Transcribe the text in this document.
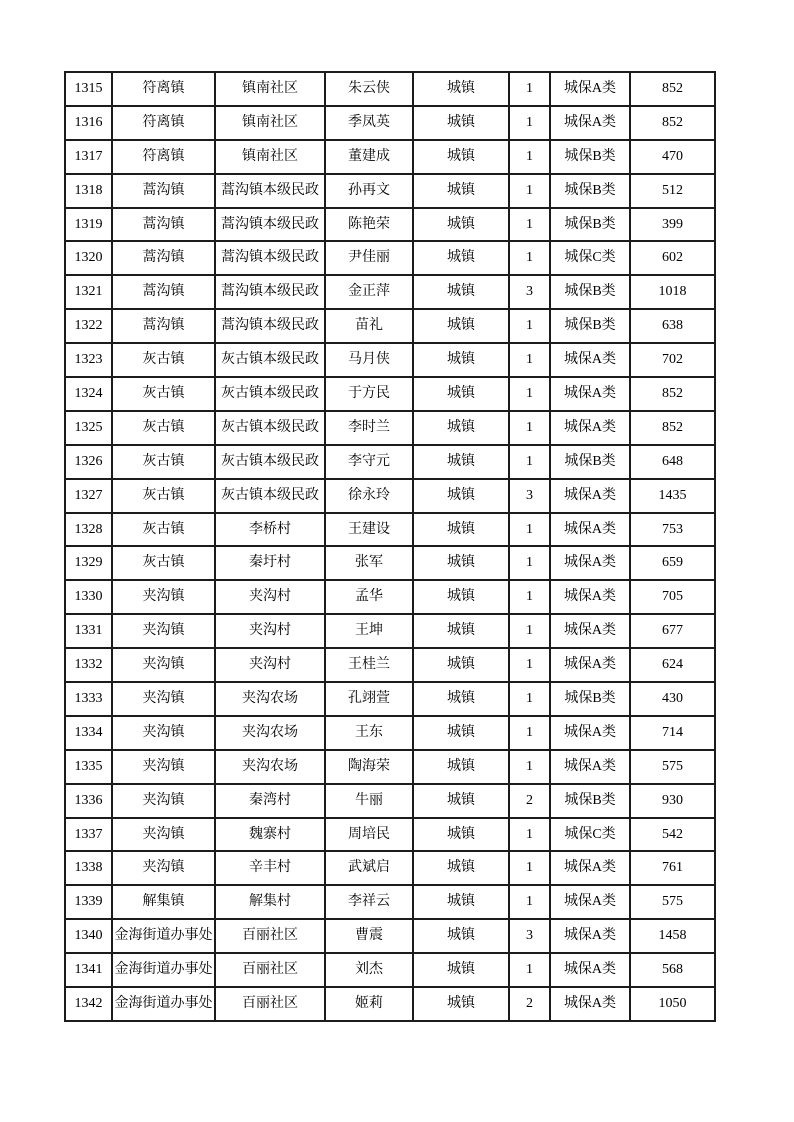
1315	符离镇	镇南社区	朱云侠	城镇	1	城保A类	852
1316	符离镇	镇南社区	季凤英	城镇	1	城保A类	852
1317	符离镇	镇南社区	董建成	城镇	1	城保B类	470
1318	蒿沟镇	蒿沟镇本级民政	孙再文	城镇	1	城保B类	512
1319	蒿沟镇	蒿沟镇本级民政	陈艳荣	城镇	1	城保B类	399
1320	蒿沟镇	蒿沟镇本级民政	尹佳丽	城镇	1	城保C类	602
1321	蒿沟镇	蒿沟镇本级民政	金正萍	城镇	3	城保B类	1018
1322	蒿沟镇	蒿沟镇本级民政	苗礼	城镇	1	城保B类	638
1323	灰古镇	灰古镇本级民政	马月侠	城镇	1	城保A类	702
1324	灰古镇	灰古镇本级民政	于方民	城镇	1	城保A类	852
1325	灰古镇	灰古镇本级民政	李时兰	城镇	1	城保A类	852
1326	灰古镇	灰古镇本级民政	李守元	城镇	1	城保B类	648
1327	灰古镇	灰古镇本级民政	徐永玲	城镇	3	城保A类	1435
1328	灰古镇	李桥村	王建设	城镇	1	城保A类	753
1329	灰古镇	秦圩村	张军	城镇	1	城保A类	659
1330	夹沟镇	夹沟村	孟华	城镇	1	城保A类	705
1331	夹沟镇	夹沟村	王坤	城镇	1	城保A类	677
1332	夹沟镇	夹沟村	王桂兰	城镇	1	城保A类	624
1333	夹沟镇	夹沟农场	孔翊萱	城镇	1	城保B类	430
1334	夹沟镇	夹沟农场	王东	城镇	1	城保A类	714
1335	夹沟镇	夹沟农场	陶海荣	城镇	1	城保A类	575
1336	夹沟镇	秦湾村	牛丽	城镇	2	城保B类	930
1337	夹沟镇	魏寨村	周培民	城镇	1	城保C类	542
1338	夹沟镇	辛丰村	武斌启	城镇	1	城保A类	761
1339	解集镇	解集村	李祥云	城镇	1	城保A类	575
1340	金海街道办事处	百丽社区	曹震	城镇	3	城保A类	1458
1341	金海街道办事处	百丽社区	刘杰	城镇	1	城保A类	568
1342	金海街道办事处	百丽社区	姬莉	城镇	2	城保A类	1050
